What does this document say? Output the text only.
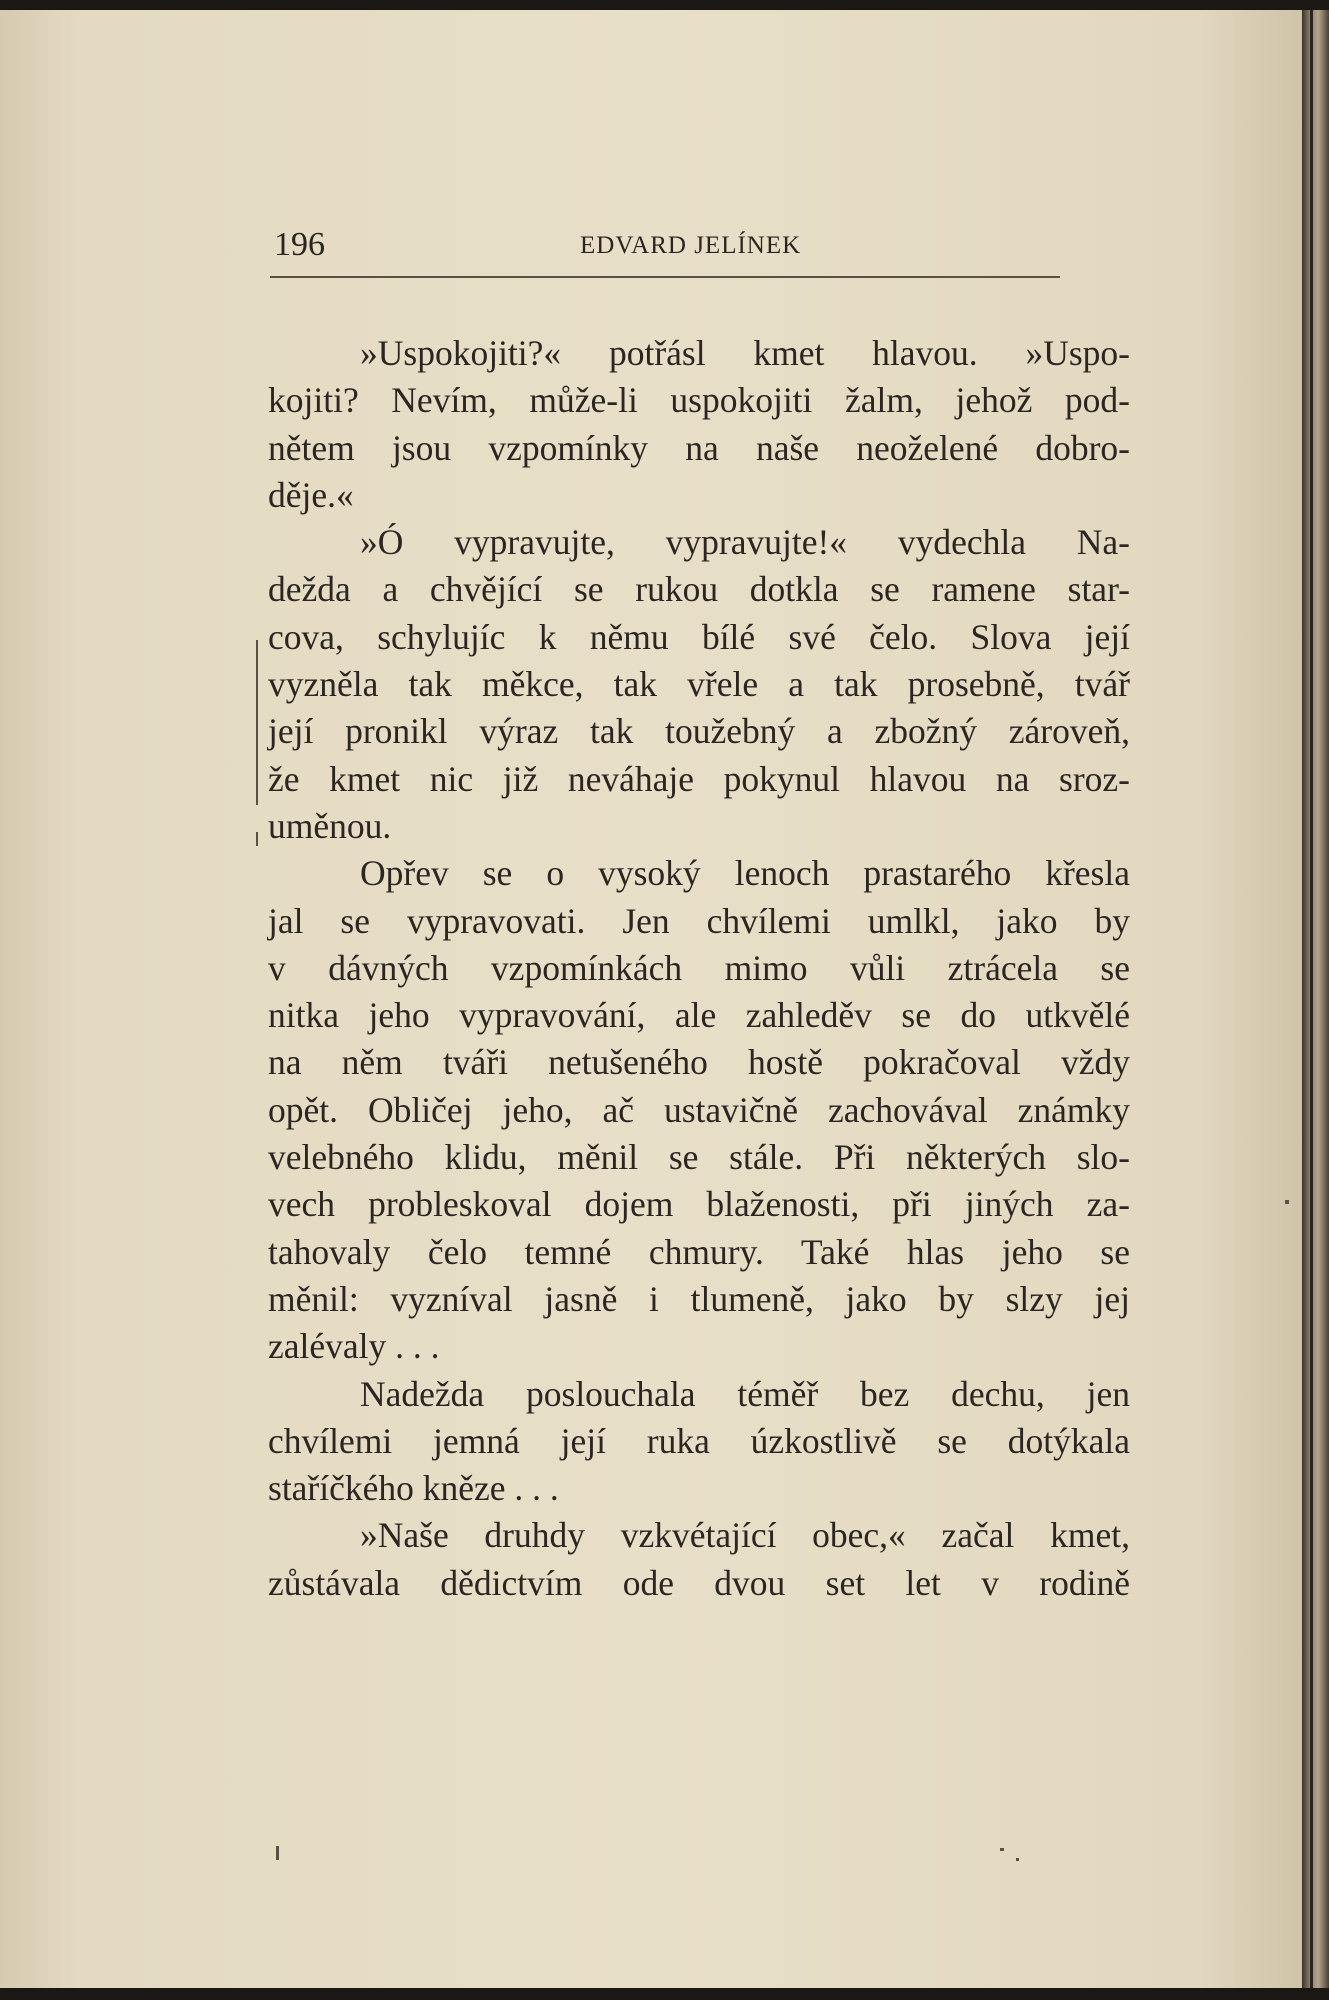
196	EDVARD JELÍNEK

»Uspokojiti?« potřásl kmet hlavou. »Uspo-
kojiti? Nevím, může-li uspokojiti žalm, jehož pod-
nětem jsou vzpomínky na naše neoželené dobro-
děje.«

»Ó vypravujte, vypravujte!« vydechla Na-
dežda a chvějící se rukou dotkla se ramene star-
cova, schylujíc k němu bílé své čelo. Slova její
vyzněla tak měkce, tak vřele a tak prosebně, tvář
její pronikl výraz tak toužebný a zbožný zároveň,
že kmet nic již neváhaje pokynul hlavou na sroz-
uměnou.

Opřev se o vysoký lenoch prastarého křesla
jal se vypravovati. Jen chvílemi umlkl, jako by
v dávných vzpomínkách mimo vůli ztrácela se
nitka jeho vypravování, ale zahleděv se do utkvělé
na něm tváři netušeného hostě pokračoval vždy
opět. Obličej jeho, ač ustavičně zachovával známky
velebného klidu, měnil se stále. Při některých slo-
vech probleskoval dojem blaženosti, při jiných za-
tahovaly čelo temné chmury. Také hlas jeho se
měnil: vyzníval jasně i tlumeně, jako by slzy jej
zalévaly . . .

Nadežda poslouchala téměř bez dechu, jen
chvílemi jemná její ruka úzkostlivě se dotýkala
staříčkého kněze . . .

»Naše druhdy vzkvétající obec,« začal kmet,
zůstávala dědictvím ode dvou set let v rodině
